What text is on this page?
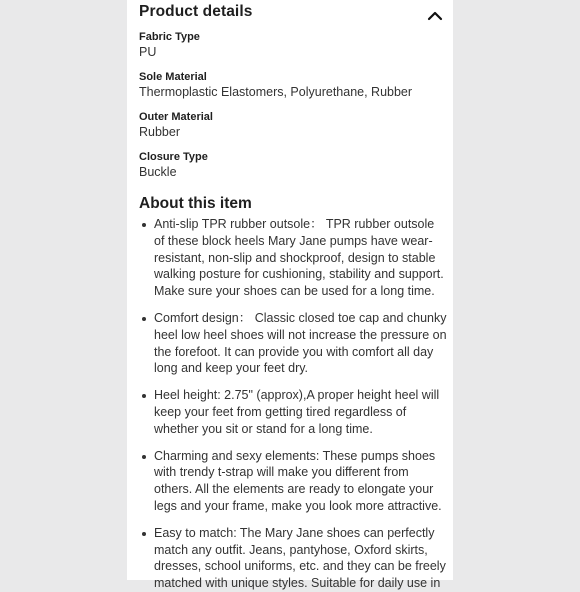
Product details
Fabric Type
PU
Sole Material
Thermoplastic Elastomers, Polyurethane, Rubber
Outer Material
Rubber
Closure Type
Buckle
About this item
Anti-slip TPR rubber outsole： TPR rubber outsole of these block heels Mary Jane pumps have wear-resistant, non-slip and shockproof, design to stable walking posture for cushioning, stability and support. Make sure your shoes can be used for a long time.
Comfort design： Classic closed toe cap and chunky heel low heel shoes will not increase the pressure on the forefoot. It can provide you with comfort all day long and keep your feet dry.
Heel height: 2.75" (approx),A proper height heel will keep your feet from getting tired regardless of whether you sit or stand for a long time.
Charming and sexy elements: These pumps shoes with trendy t-strap will make you different from others. All the elements are ready to elongate your legs and your frame, make you look more attractive.
Easy to match: The Mary Jane shoes can perfectly match any outfit. Jeans, pantyhose, Oxford skirts, dresses, school uniforms, etc. and they can be freely matched with unique styles. Suitable for daily use in
